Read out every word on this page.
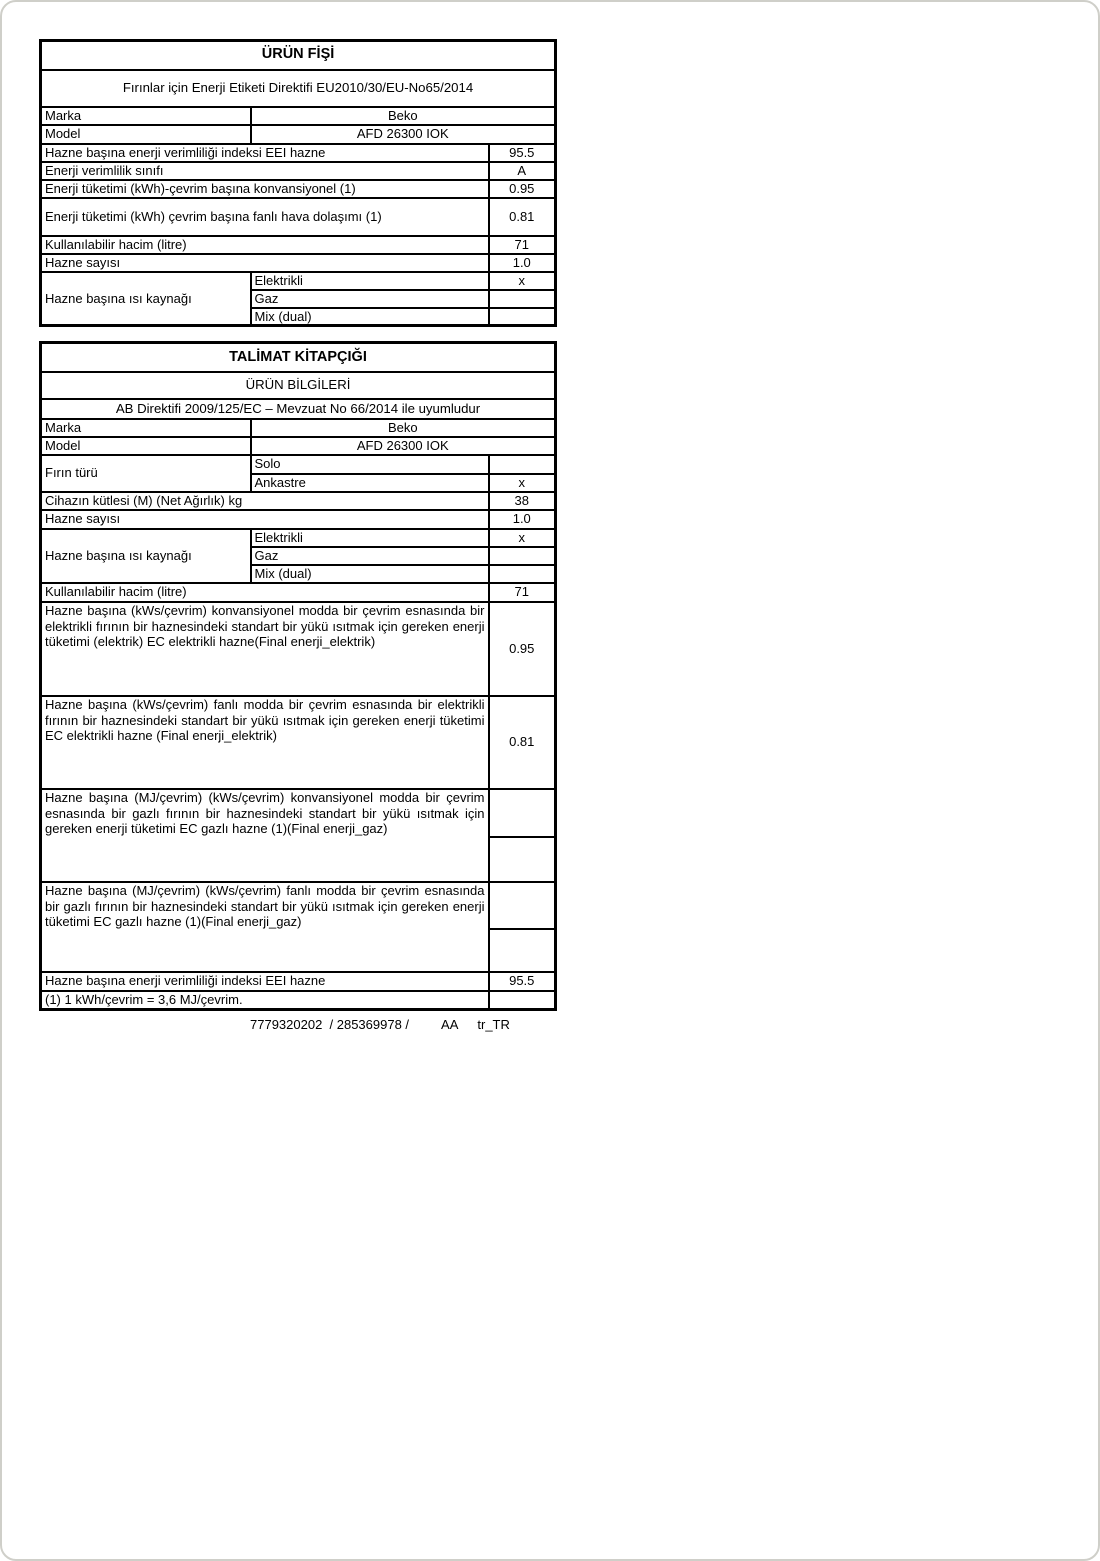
ÜRÜN FİŞİ		
Fırınlar için Enerji Etiketi Direktifi EU2010/30/EU-No65/2014		
Marka	Beko	
Model	AFD 26300 IOK	
Hazne başına enerji verimliliği indeksi EEI hazne		95.5
Enerji verimlilik sınıfı		A
Enerji tüketimi (kWh)-çevrim başına konvansiyonel (1)		0.95
Enerji tüketimi (kWh) çevrim başına fanlı hava dolaşımı (1)		0.81
Kullanılabilir hacim (litre)		71
Hazne sayısı		1.0
Hazne başına ısı kaynağı	Elektrikli	x
	Gaz	
	Mix (dual)	
TALİMAT KİTAPÇIĞI		
ÜRÜN BİLGİLERİ		
AB Direktifi 2009/125/EC – Mevzuat No 66/2014 ile uyumludur		
Marka	Beko	
Model	AFD 26300 IOK	
Fırın türü	Solo	
	Ankastre	x
Cihazın kütlesi (M) (Net Ağırlık) kg		38
Hazne sayısı		1.0
Hazne başına ısı kaynağı	Elektrikli	x
	Gaz	
	Mix (dual)	
Kullanılabilir hacim (litre)		71
Hazne başına (kWs/çevrim) konvansiyonel modda bir çevrim esnasında bir elektrikli fırının bir haznesindeki standart bir yükü ısıtmak için gereken enerji tüketimi (elektrik) EC elektrikli hazne(Final enerji_elektrik)		0.95
Hazne başına (kWs/çevrim) fanlı modda bir çevrim esnasında bir elektrikli fırının bir haznesindeki standart bir yükü ısıtmak için gereken enerji tüketimi EC elektrikli hazne (Final enerji_elektrik)		0.81
Hazne başına (MJ/çevrim) (kWs/çevrim) konvansiyonel modda bir çevrim esnasında bir gazlı fırının bir haznesindeki standart bir yükü ısıtmak için gereken enerji tüketimi EC gazlı hazne (1)(Final enerji_gaz)		

Hazne başına (MJ/çevrim) (kWs/çevrim) fanlı modda bir çevrim esnasında bir gazlı fırının bir haznesindeki standart bir yükü ısıtmak için gereken enerji tüketimi EC gazlı hazne (1)(Final enerji_gaz)		

Hazne başına enerji verimliliği indeksi EEI hazne		95.5
(1) 1 kWh/çevrim = 3,6 MJ/çevrim.		
7779320202  / 285369978 / AA tr_TR
